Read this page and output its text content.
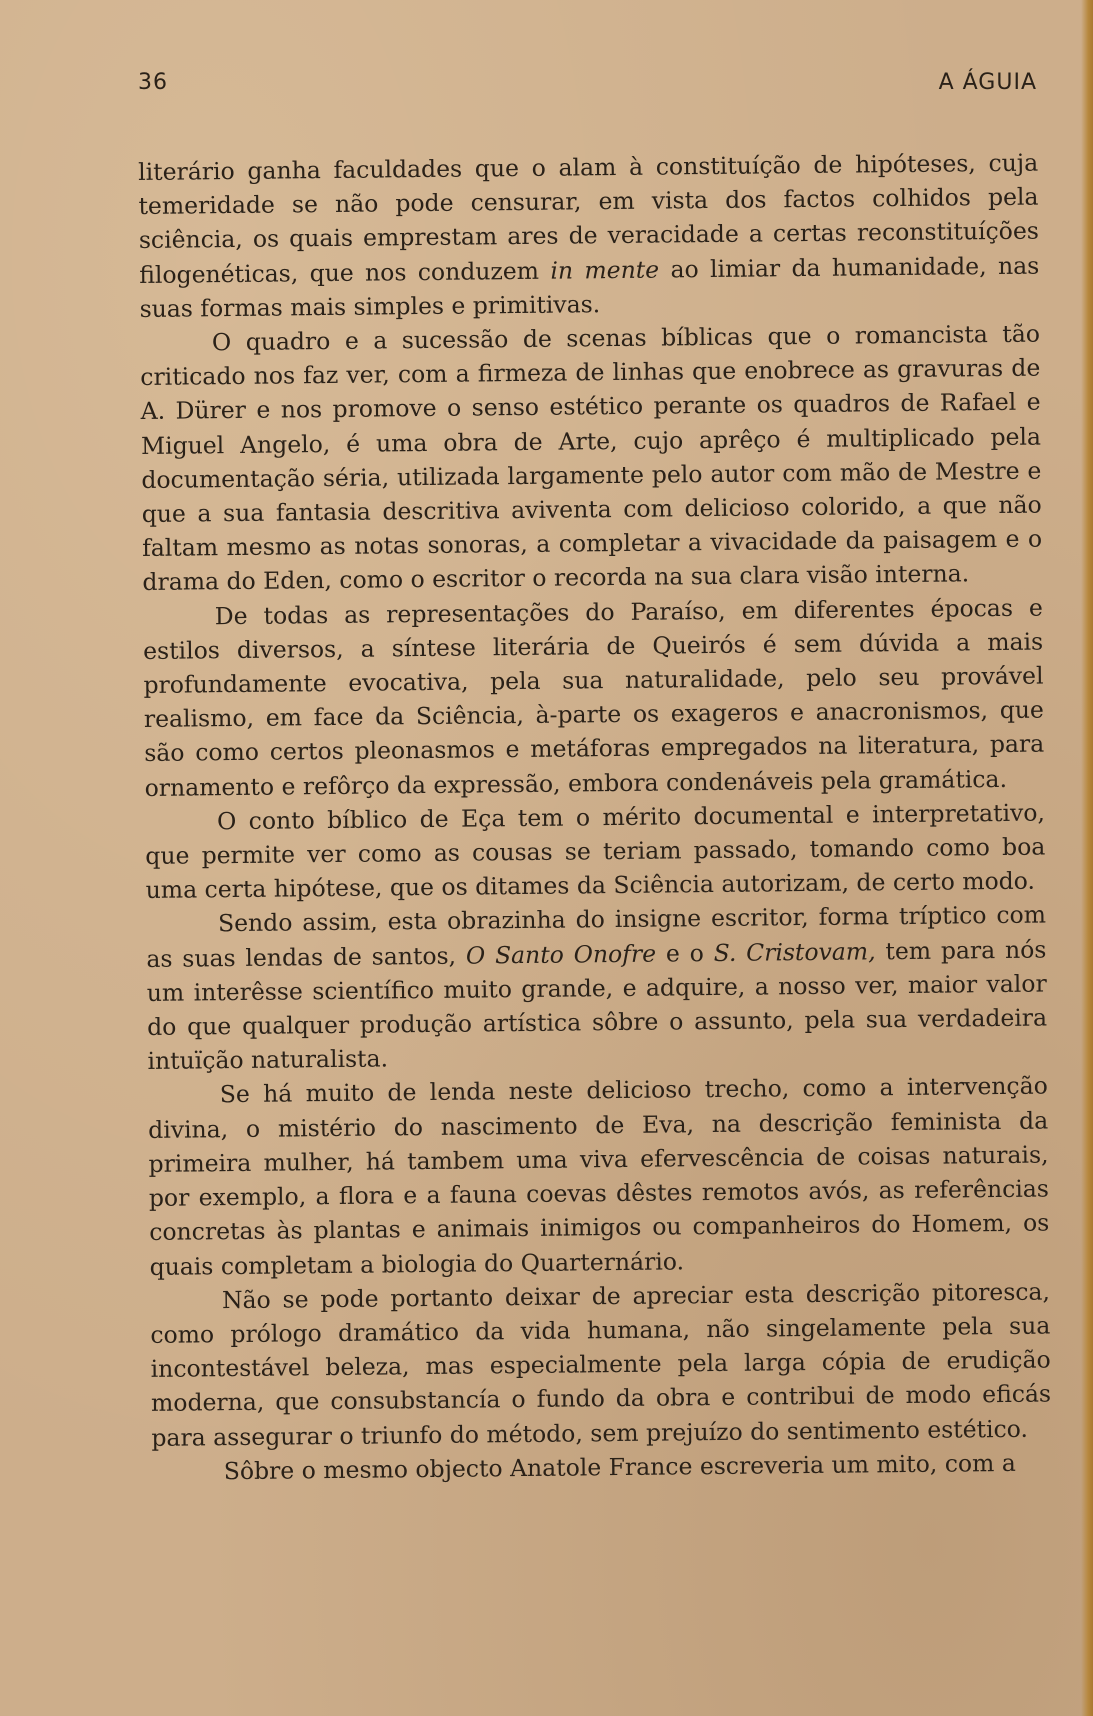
36	A ÁGUIA

literário ganha faculdades que o alam à constituíção de hipóteses, cuja temeridade se não pode censurar, em vista dos factos colhidos pela sciência, os quais emprestam ares de veracidade a certas reconstituíções filogenéticas, que nos conduzem in mente ao limiar da humanidade, nas suas formas mais simples e primitivas.

O quadro e a sucessão de scenas bíblicas que o romancista tão criticado nos faz ver, com a firmeza de linhas que enobrece as gravuras de A. Dürer e nos promove o senso estético perante os quadros de Rafael e Miguel Angelo, é uma obra de Arte, cujo aprêço é multiplicado pela documentação séria, utilizada largamente pelo autor com mão de Mestre e que a sua fantasia descritiva aviventa com delicioso colorido, a que não faltam mesmo as notas sonoras, a completar a vivacidade da paisagem e o drama do Eden, como o escritor o recorda na sua clara visão interna.

De todas as representações do Paraíso, em diferentes épocas e estilos diversos, a síntese literária de Queirós é sem dúvida a mais profundamente evocativa, pela sua naturalidade, pelo seu provável realismo, em face da Sciência, à-parte os exageros e anacronismos, que são como certos pleonasmos e metáforas empregados na literatura, para ornamento e refôrço da expressão, embora condenáveis pela gramática.

O conto bíblico de Eça tem o mérito documental e interpretativo, que permite ver como as cousas se teriam passado, tomando como boa uma certa hipótese, que os ditames da Sciência autorizam, de certo modo.

Sendo assim, esta obrazinha do insigne escritor, forma tríptico com as suas lendas de santos, O Santo Onofre e o S. Cristovam, tem para nós um interêsse scientífico muito grande, e adquire, a nosso ver, maior valor do que qualquer produção artística sôbre o assunto, pela sua verdadeira intuïção naturalista.

Se há muito de lenda neste delicioso trecho, como a intervenção divina, o mistério do nascimento de Eva, na descrição feminista da primeira mulher, há tambem uma viva efervescência de coisas naturais, por exemplo, a flora e a fauna coevas dêstes remotos avós, as referências concretas às plantas e animais inimigos ou companheiros do Homem, os quais completam a biologia do Quarternário.

Não se pode portanto deixar de apreciar esta descrição pitoresca, como prólogo dramático da vida humana, não singelamente pela sua incontestável beleza, mas especialmente pela larga cópia de erudição moderna, que consubstancía o fundo da obra e contribui de modo eficás para assegurar o triunfo do método, sem prejuízo do sentimento estético.

Sôbre o mesmo objecto Anatole France escreveria um mito, com a
